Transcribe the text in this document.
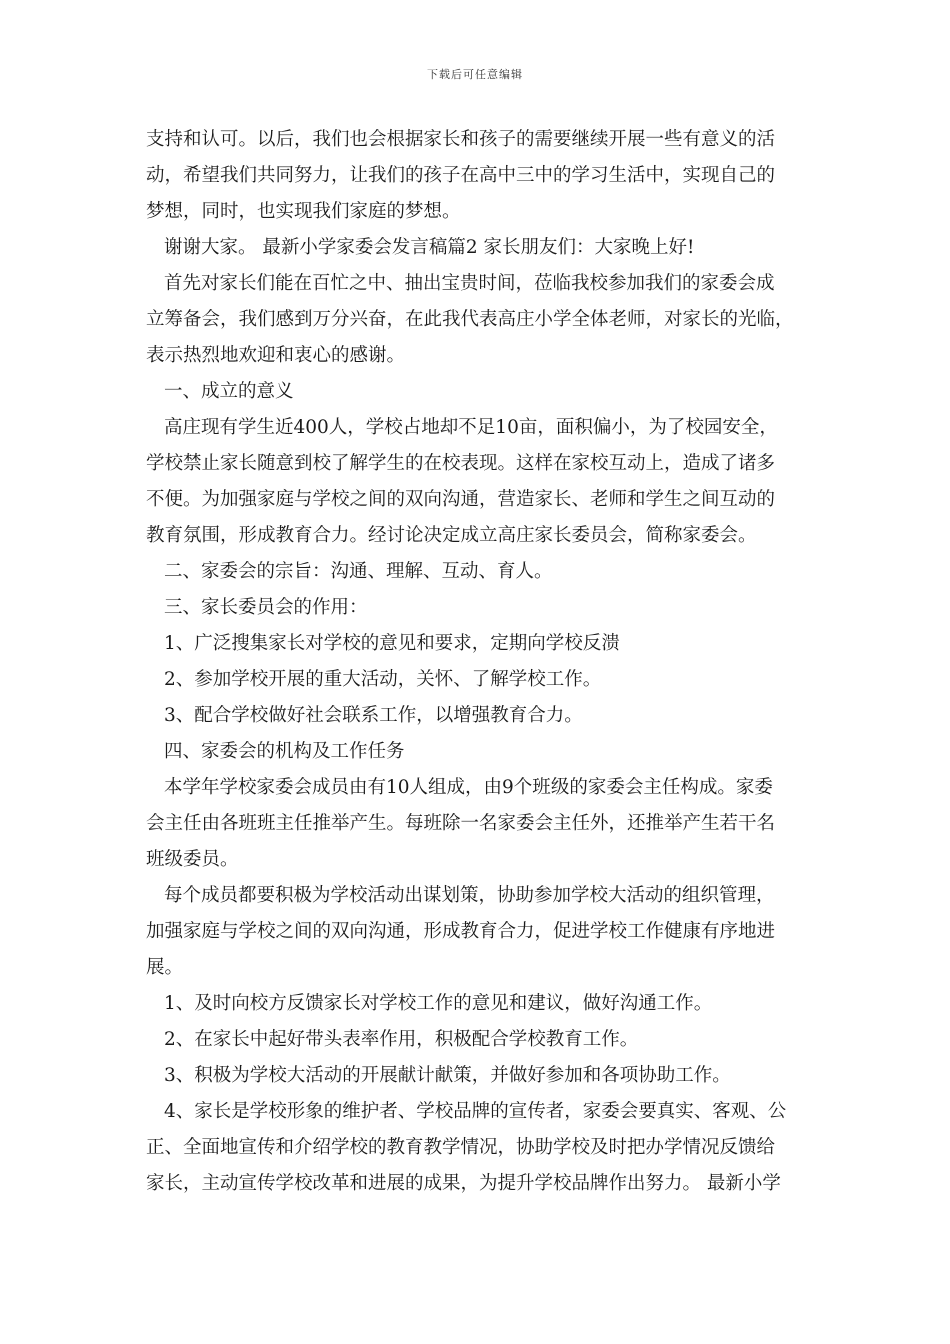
下载后可任意编辑
支持和认可。以后，我们也会根据家长和孩子的需要继续开展一些有意义的活
动，希望我们共同努力，让我们的孩子在高中三中的学习生活中，实现自己的
梦想，同时，也实现我们家庭的梦想。
谢谢大家。 最新小学家委会发言稿篇2 家长朋友们：大家晚上好!
首先对家长们能在百忙之中、抽出宝贵时间，莅临我校参加我们的家委会成
立筹备会，我们感到万分兴奋，在此我代表高庄小学全体老师，对家长的光临，
表示热烈地欢迎和衷心的感谢。
一、成立的意义
高庄现有学生近400人，学校占地却不足10亩，面积偏小，为了校园安全，
学校禁止家长随意到校了解学生的在校表现。这样在家校互动上，造成了诸多
不便。为加强家庭与学校之间的双向沟通，营造家长、老师和学生之间互动的
教育氛围，形成教育合力。经讨论决定成立高庄家长委员会，简称家委会。
二、家委会的宗旨：沟通、理解、互动、育人。
三、家长委员会的作用：
1、广泛搜集家长对学校的意见和要求，定期向学校反溃
2、参加学校开展的重大活动，关怀、了解学校工作。
3、配合学校做好社会联系工作，以增强教育合力。
四、家委会的机构及工作任务
本学年学校家委会成员由有10人组成，由9个班级的家委会主任构成。家委
会主任由各班班主任推举产生。每班除一名家委会主任外，还推举产生若干名
班级委员。
每个成员都要积极为学校活动出谋划策，协助参加学校大活动的组织管理，
加强家庭与学校之间的双向沟通，形成教育合力，促进学校工作健康有序地进
展。
1、及时向校方反馈家长对学校工作的意见和建议，做好沟通工作。
2、在家长中起好带头表率作用，积极配合学校教育工作。
3、积极为学校大活动的开展献计献策，并做好参加和各项协助工作。
4、家长是学校形象的维护者、学校品牌的宣传者，家委会要真实、客观、公
正、全面地宣传和介绍学校的教育教学情况，协助学校及时把办学情况反馈给
家长，主动宣传学校改革和进展的成果，为提升学校品牌作出努力。 最新小学
